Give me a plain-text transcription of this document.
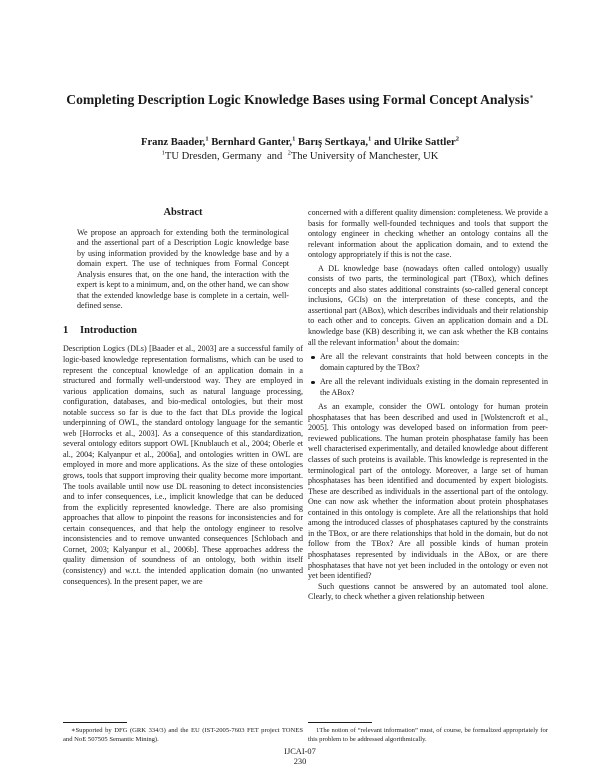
Completing Description Logic Knowledge Bases using Formal Concept Analysis∗
Franz Baader,$^1$ Bernhard Ganter,$^1$ Barış Sertkaya,$^1$ and Ulrike Sattler$^2$
$^1$TU Dresden, Germany and $^2$The University of Manchester, UK
Abstract

We propose an approach for extending both the terminological and the assertional part of a Description Logic knowledge base by using information provided by the knowledge base and by a domain expert. The use of techniques from Formal Concept Analysis ensures that, on the one hand, the interaction with the expert is kept to a minimum, and, on the other hand, we can show that the extended knowledge base is complete in a certain, well-defined sense.

1 Introduction

Description Logics (DLs) [Baader et al., 2003] are a successful family of logic-based knowledge representation formalisms, which can be used to represent the conceptual knowledge of an application domain in a structured and formally well-understood way. They are employed in various application domains, such as natural language processing, configuration, databases, and bio-medical ontologies, but their most notable success so far is due to the fact that DLs provide the logical underpinning of OWL, the standard ontology language for the semantic web [Horrocks et al., 2003]. As a consequence of this standardization, several ontology editors support OWL [Knublauch et al., 2004; Oberle et al., 2004; Kalyanpur et al., 2006a], and ontologies written in OWL are employed in more and more applications. As the size of these ontologies grows, tools that support improving their quality become more important. The tools available until now use DL reasoning to detect inconsistencies and to infer consequences, i.e., implicit knowledge that can be deduced from the explicitly represented knowledge. There are also promising approaches that allow to pinpoint the reasons for inconsistencies and for certain consequences, and that help the ontology engineer to resolve inconsistencies and to remove unwanted consequences [Schlobach and Cornet, 2003; Kalyanpur et al., 2006b]. These approaches address the quality dimension of soundness of an ontology, both within itself (consistency) and w.r.t. the intended application domain (no unwanted consequences). In the present paper, we are

concerned with a different quality dimension: completeness. We provide a basis for formally well-founded techniques and tools that support the ontology engineer in checking whether an ontology contains all the relevant information about the application domain, and to extend the ontology appropriately if this is not the case.

A DL knowledge base (nowadays often called ontology) usually consists of two parts, the terminological part (TBox), which defines concepts and also states additional constraints (so-called general concept inclusions, GCIs) on the interpretation of these concepts, and the assertional part (ABox), which describes individuals and their relationship to each other and to concepts. Given an application domain and a DL knowledge base (KB) describing it, we can ask whether the KB contains all the relevant information$^1$ about the domain:

Are all the relevant constraints that hold between concepts in the domain captured by the TBox?
Are all the relevant individuals existing in the domain represented in the ABox?

As an example, consider the OWL ontology for human protein phosphatases that has been described and used in [Wolstencroft et al., 2005]. This ontology was developed based on information from peer-reviewed publications. The human protein phosphatase family has been well characterised experimentally, and detailed knowledge about different classes of such proteins is available. This knowledge is represented in the terminological part of the ontology. Moreover, a large set of human phosphatases has been identified and documented by expert biologists. These are described as individuals in the assertional part of the ontology. One can now ask whether the information about protein phosphatases contained in this ontology is complete. Are all the relationships that hold among the introduced classes of phosphatases captured by the constraints in the TBox, or are there relationships that hold in the domain, but do not follow from the TBox? Are all possible kinds of human protein phosphatases represented by individuals in the ABox, or are there phosphatases that have not yet been included in the ontology or even not yet been identified?

Such questions cannot be answered by an automated tool alone. Clearly, to check whether a given relationship between

∗Supported by DFG (GRK 334/3) and the EU (IST-2005-7603 FET project TONES and NoE 507505 Semantic Mining).
1The notion of “relevant information” must, of course, be formalized appropriately for this problem to be addressed algorithmically.
IJCAI-07
230
